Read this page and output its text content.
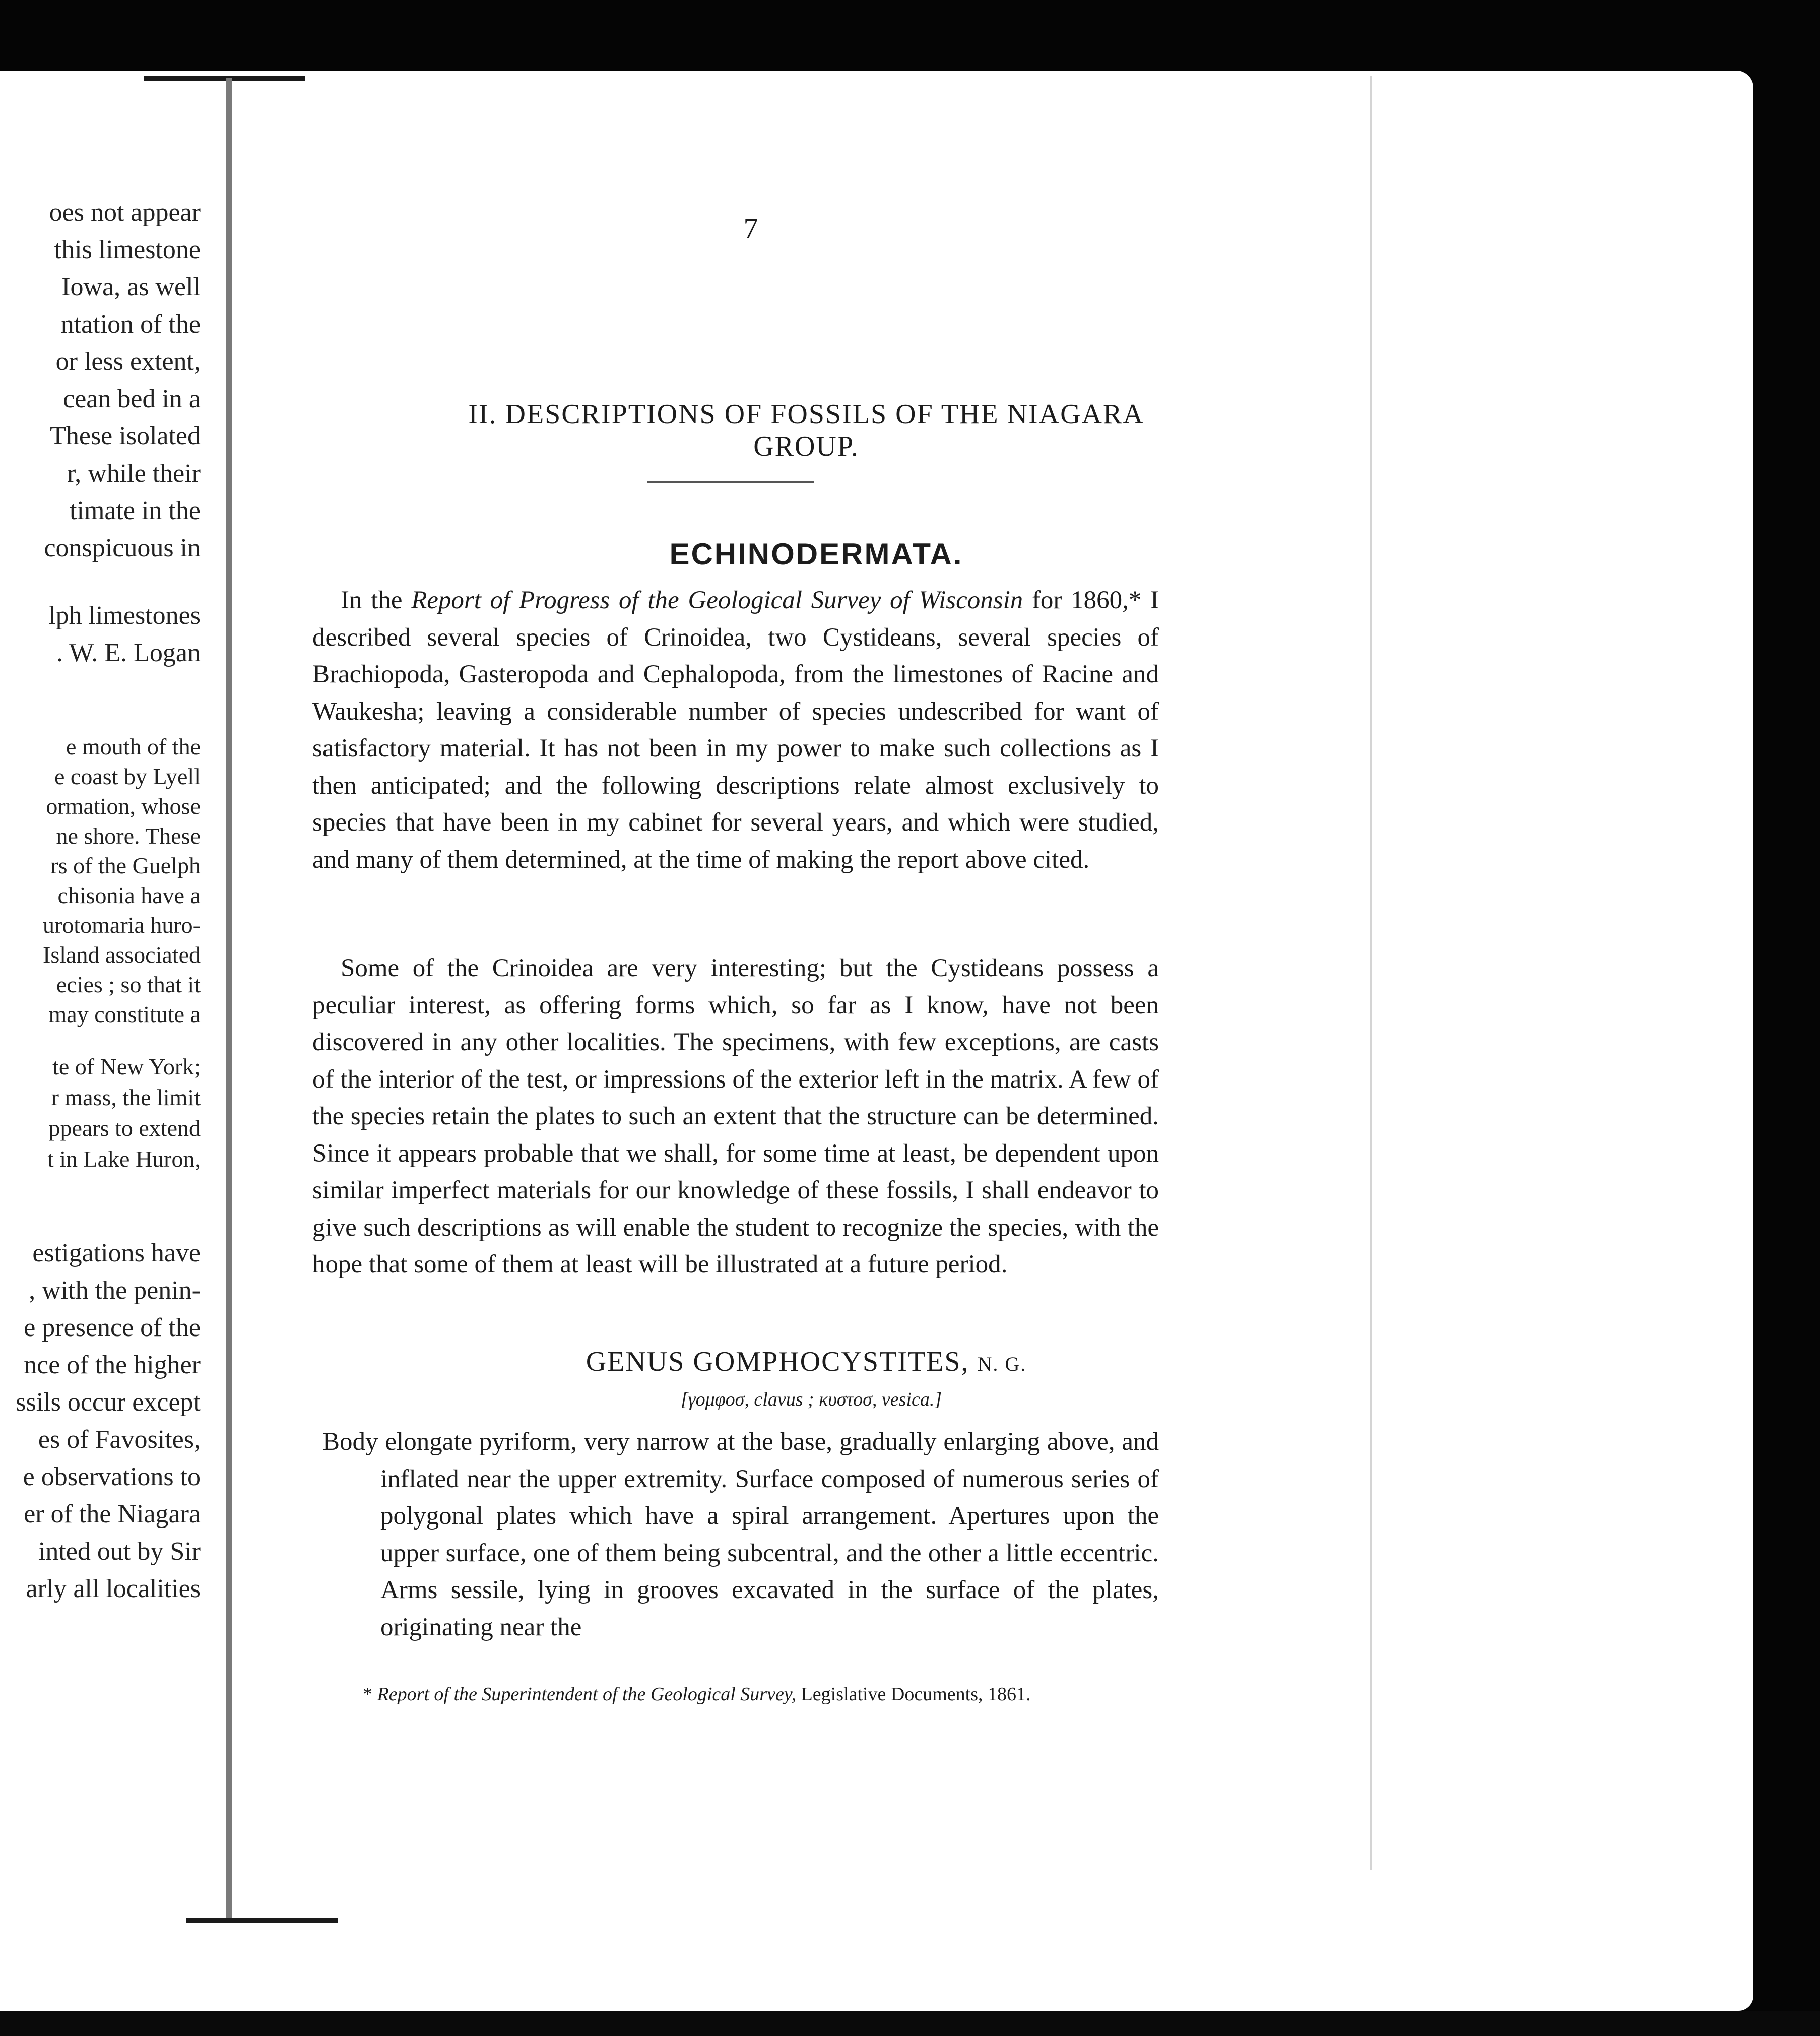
oes not appear
this limestone
Iowa, as well
ntation of the
or less extent,
cean bed in a
These isolated
r, while their
timate in the
conspicuous in
lph limestones
. W. E. Logan
e mouth of the
e coast by Lyell
ormation, whose
ne shore. These
rs of the Guelph
chisonia have a
urotomaria huro-
Island associated
ecies ; so that it
may constitute a
te of New York;
r mass, the limit
ppears to extend
t in Lake Huron,
estigations have
, with the penin-
e presence of the
nce of the higher
ssils occur except
es of Favosites,
e observations to
er of the Niagara
inted out by Sir
arly all localities
7
II. DESCRIPTIONS OF FOSSILS OF THE NIAGARA GROUP.
ECHINODERMATA.
In the Report of Progress of the Geological Survey of Wisconsin for 1860,* I described several species of Crinoidea, two Cystideans, several species of Brachiopoda, Gasteropoda and Cephalopoda, from the limestones of Racine and Waukesha; leaving a considerable number of species undescribed for want of satisfactory material. It has not been in my power to make such collections as I then anticipated; and the following descriptions relate almost exclusively to species that have been in my cabinet for several years, and which were studied, and many of them determined, at the time of making the report above cited.
Some of the Crinoidea are very interesting; but the Cystideans possess a peculiar interest, as offering forms which, so far as I know, have not been discovered in any other localities. The specimens, with few exceptions, are casts of the interior of the test, or impressions of the exterior left in the matrix. A few of the species retain the plates to such an extent that the structure can be determined. Since it appears probable that we shall, for some time at least, be dependent upon similar imperfect materials for our knowledge of these fossils, I shall endeavor to give such descriptions as will enable the student to recognize the species, with the hope that some of them at least will be illustrated at a future period.
GENUS GOMPHOCYSTITES, N. G.
[γομφοσ, clavus ; κυστοσ, vesica.]
Body elongate pyriform, very narrow at the base, gradually enlarging above, and inflated near the upper extremity. Surface composed of numerous series of polygonal plates which have a spiral arrangement. Apertures upon the upper surface, one of them being subcentral, and the other a little eccentric. Arms sessile, lying in grooves excavated in the surface of the plates, originating near the
* Report of the Superintendent of the Geological Survey, Legislative Documents, 1861.
